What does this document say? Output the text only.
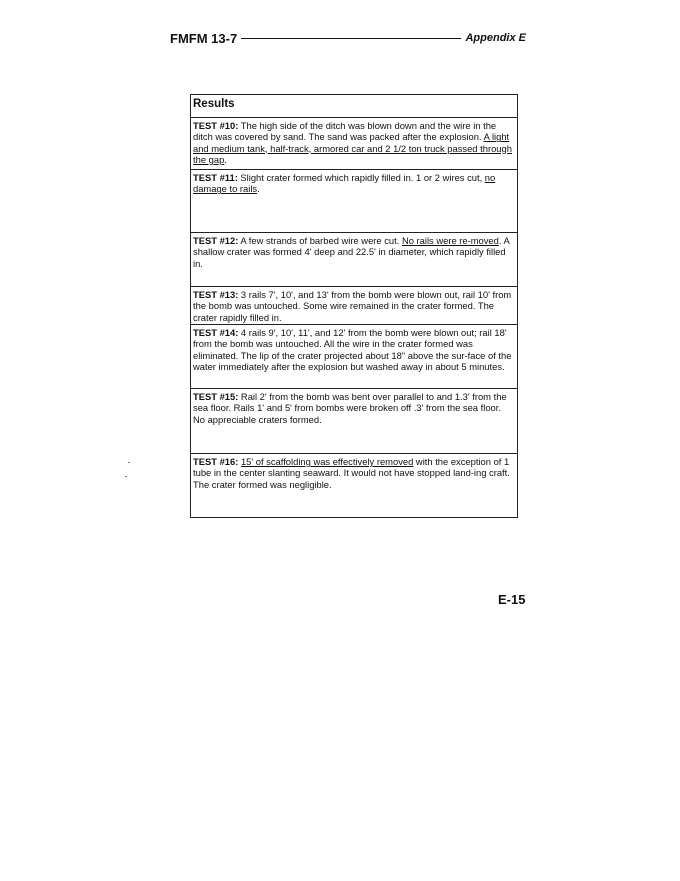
FMFM 13-7	Appendix E
Results
TEST #10: The high side of the ditch was blown down and the wire in the ditch was covered by sand. The sand was packed after the explosion. A light and medium tank, half-track, armored car and 2 1/2 ton truck passed through the gap.
TEST #11: Slight crater formed which rapidly filled in. 1 or 2 wires cut, no damage to rails.
TEST #12: A few strands of barbed wire were cut. No rails were re-moved. A shallow crater was formed 4' deep and 22.5' in diameter, which rapidly filled in.
TEST #13: 3 rails 7', 10', and 13' from the bomb were blown out, rail 10' from the bomb was untouched. Some wire remained in the crater formed. The crater rapidly filled in.
TEST #14: 4 rails 9', 10', 11', and 12' from the bomb were blown out; rail 18' from the bomb was untouched. All the wire in the crater formed was eliminated. The lip of the crater projected about 18" above the sur-face of the water immediately after the explosion but washed away in about 5 minutes.
TEST #15: Rail 2' from the bomb was bent over parallel to and 1.3' from the sea floor. Rails 1' and 5' from bombs were broken off .3' from the sea floor. No appreciable craters formed.
TEST #16: 15' of scaffolding was effectively removed with the exception of 1 tube in the center slanting seaward. It would not have stopped land-ing craft. The crater formed was negligible.
E-15
